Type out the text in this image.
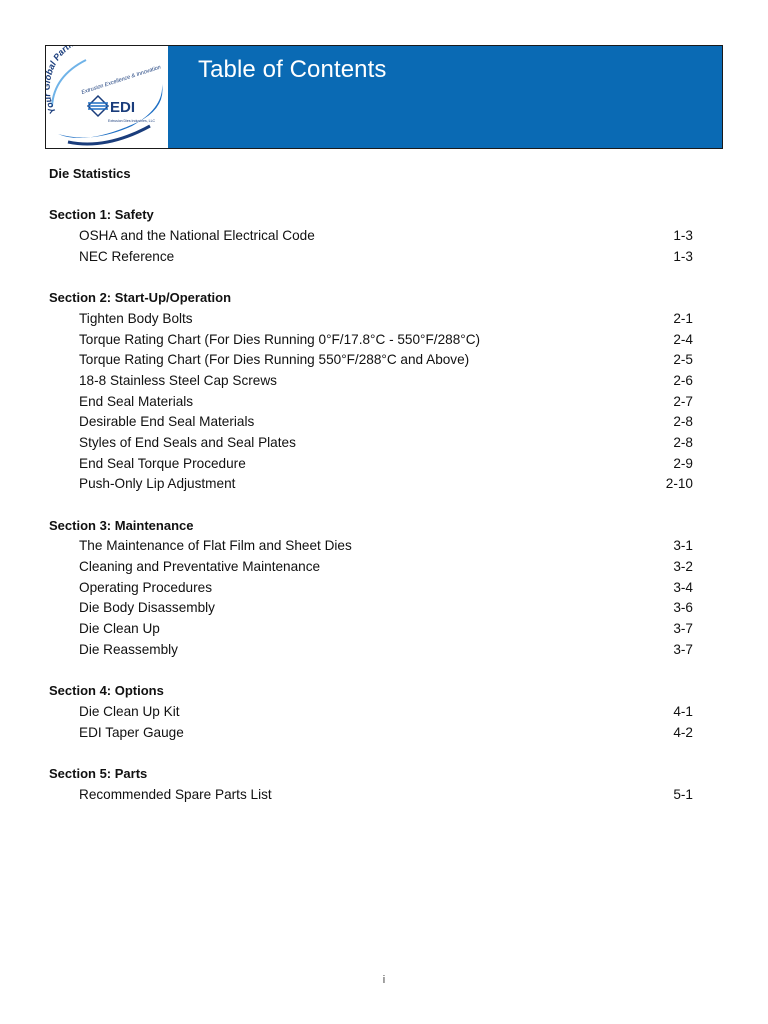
Y al Part
Extrusion Excellence & Innovation
EDI
Extrusion Dies Industries, LLC
Table of Contents
Die Statistics
Section 1: Safety
OSHA and the National Electrical Code	1-3
NEC Reference	1-3
Section 2: Start-Up/Operation
Tighten Body Bolts	2-1
Torque Rating Chart (For Dies Running 0°F/17.8°C - 550°F/288°C)	2-4
Torque Rating Chart (For Dies Running 550°F/288°C and Above)	2-5
18-8 Stainless Steel Cap Screws	2-6
End Seal Materials	2-7
Desirable End Seal Materials	2-8
Styles of End Seals and Seal Plates	2-8
End Seal Torque Procedure	2-9
Push-Only Lip Adjustment	2-10
Section 3: Maintenance
The Maintenance of Flat Film and Sheet Dies	3-1
Cleaning and Preventative Maintenance	3-2
Operating Procedures	3-4
Die Body Disassembly	3-6
Die Clean Up	3-7
Die Reassembly	3-7
Section 4: Options
Die Clean Up Kit	4-1
EDI Taper Gauge	4-2
Section 5: Parts
Recommended Spare Parts List	5-1
i
